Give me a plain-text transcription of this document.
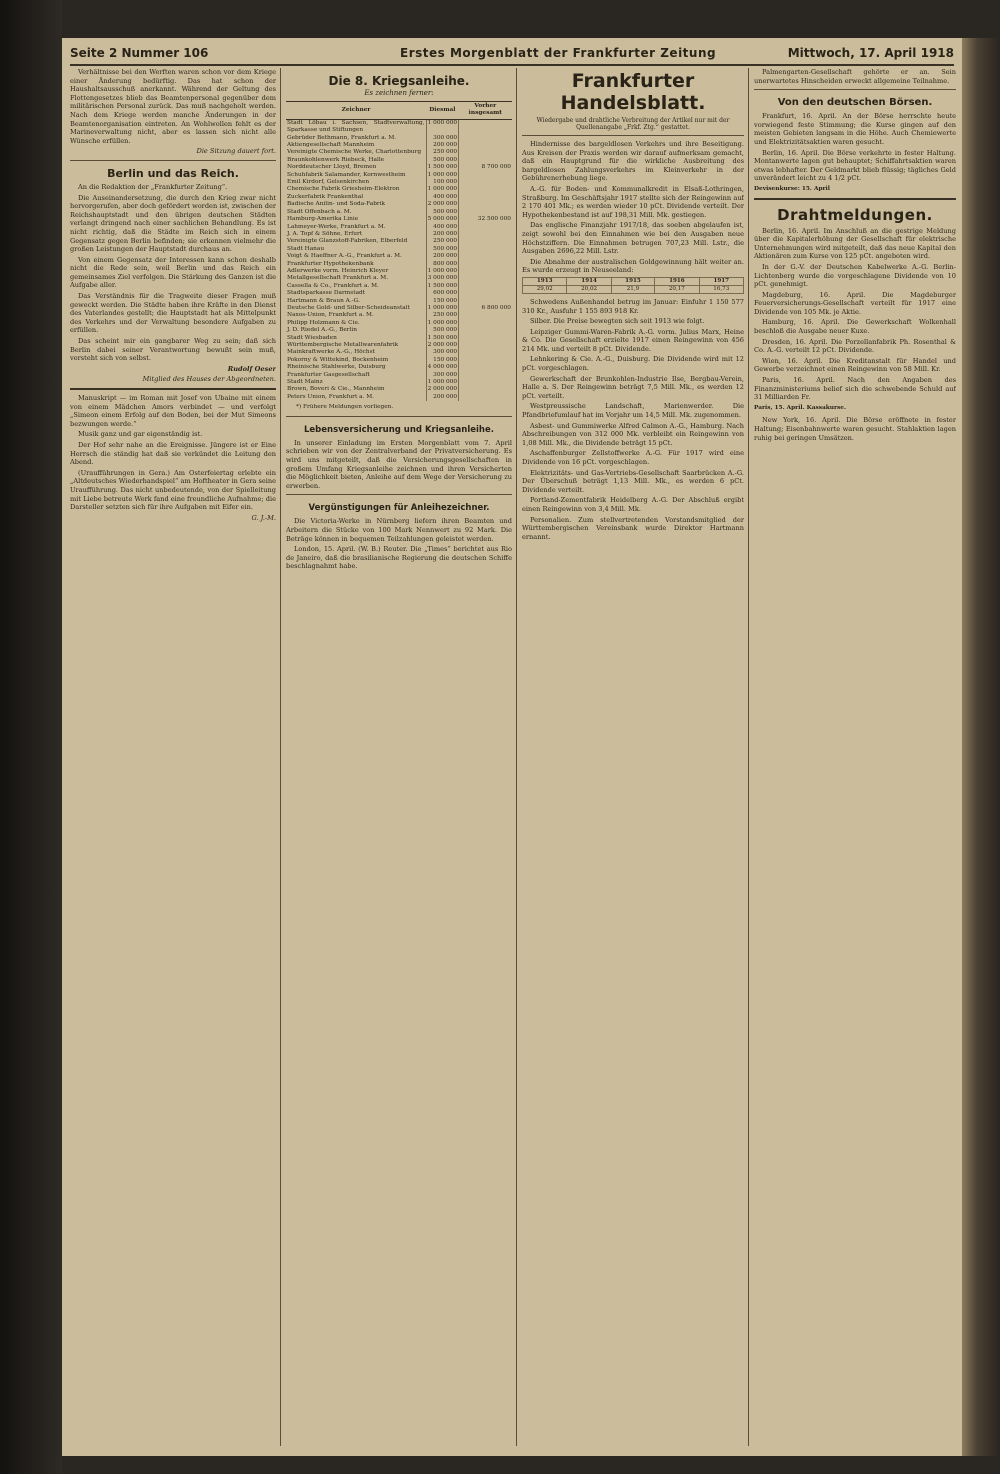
Seite 2 Nummer 106	Erstes Morgenblatt der Frankfurter Zeitung	Mittwoch, 17. April 1918

Verhältnisse bei den Werften waren schon vor dem Kriege einer Änderung bedürftig. Das hat schon der Haushaltsausschuß anerkannt. Während der Geltung des Flottengesetzes blieb das Beamtenpersonal gegenüber dem militärischen Personal zurück. Das muß nachgeholt werden. Nach dem Kriege werden manche Änderungen in der Beamtenorganisation eintreten. An Wohlwollen fehlt es der Marineverwaltung nicht, aber es lassen sich nicht alle Wünsche erfüllen.

Die Sitzung dauert fort.

Berlin und das Reich.

An die Redaktion der „Frankfurter Zeitung“.

Die Auseinandersetzung, die durch den Krieg zwar nicht hervorgerufen, aber doch gefördert worden ist, zwischen der Reichshauptstadt und den übrigen deutschen Städten verlangt dringend nach einer sachlichen Behandlung. Es ist nicht richtig, daß die Städte im Reich sich in einem Gegensatz gegen Berlin befinden; sie erkennen vielmehr die großen Leistungen der Hauptstadt durchaus an.

Von einem Gegensatz der Interessen kann schon deshalb nicht die Rede sein, weil Berlin und das Reich ein gemeinsames Ziel verfolgen. Die Stärkung des Ganzen ist die Aufgabe aller.

Das Verständnis für die Tragweite dieser Fragen muß geweckt werden. Die Städte haben ihre Kräfte in den Dienst des Vaterlandes gestellt; die Hauptstadt hat als Mittelpunkt des Verkehrs und der Verwaltung besondere Aufgaben zu erfüllen.

Das scheint mir ein gangbarer Weg zu sein; daß sich Berlin dabei seiner Verantwortung bewußt sein muß, versteht sich von selbst.

Rudolf Oeser
Mitglied des Hauses der Abgeordneten.

Manuskript — im Roman mit Josef von Ubaine mit einem von einem Mädchen Amors verbindet — und verfolgt „Simeon einem Erfolg auf den Boden, bei der Mut Simeons bezwungen werde.“

Musik ganz und gar eigenständig ist.

Der Hof sehr nahe an die Ereignisse. Jüngere ist er Eine Herrsch die ständig hat daß sie verkündet die Leitung den Abend.

(Uraufführungen in Gera.) Am Osterfeiertag erlebte ein „Altdeutsches Wiederhandspiel“ am Hoftheater in Gera seine Uraufführung. Das nicht unbedeutende, von der Spielleitung mit Liebe betreute Werk fand eine freundliche Aufnahme; die Darsteller setzten sich für ihre Aufgaben mit Eifer ein.

G. J.-M.
Die 8. Kriegsanleihe.
Es zeichnen ferner:
Zeichner	Diesmal	Vorher insgesamt
Stadt Löbau i. Sachsen, Stadtverwaltung, Sparkasse und Stiftungen	1 000 000	
Gebrüder Bethmann, Frankfurt a. M.	300 000	
Aktiengesellschaft Mannheim	200 000	
Vereinigte Chemische Werke, Charlottenburg	250 000	
Braunkohlenwerk Riebeck, Halle	500 000	
Norddeutscher Lloyd, Bremen	1 500 000	8 700 000
Schuhfabrik Salamander, Kornwestheim	1 000 000	
Emil Kirdorf, Gelsenkirchen	100 000	
Chemische Fabrik Griesheim-Elektron	1 000 000	
Zuckerfabrik Frankenthal	400 000	
Badische Anilin- und Soda-Fabrik	2 000 000	
Stadt Offenbach a. M.	500 000	
Hamburg-Amerika Linie	5 000 000	32 500 000
Lahmeyer-Werke, Frankfurt a. M.	400 000	
J. A. Topf & Söhne, Erfurt	200 000	
Vereinigte Glanzstoff-Fabriken, Elberfeld	250 000	
Stadt Hanau	500 000	
Voigt & Haeffner A.-G., Frankfurt a. M.	200 000	
Frankfurter Hypothekenbank	800 000	
Adlerwerke vorm. Heinrich Kleyer	1 000 000	
Metallgesellschaft Frankfurt a. M.	3 000 000	
Cassella & Co., Frankfurt a. M.	1 500 000	
Stadtsparkasse Darmstadt	600 000	
Hartmann & Braun A.-G.	150 000	
Deutsche Gold- und Silber-Scheideanstalt	1 000 000	6 800 000
Naxos-Union, Frankfurt a. M.	250 000	
Philipp Holzmann & Cie.	1 000 000	
J. D. Riedel A.-G., Berlin	500 000	
Stadt Wiesbaden	1 500 000	
Württembergische Metallwarenfabrik	2 000 000	
Mainkraftwerke A.-G., Höchst	300 000	
Pokorny & Wittekind, Bockenheim	150 000	
Rheinische Stahlwerke, Duisburg	4 000 000	
Frankfurter Gasgesellschaft	300 000	
Stadt Mainz	1 000 000	
Brown, Boveri & Cie., Mannheim	2 000 000	
Peters Union, Frankfurt a. M.	200 000	
*) Frühere Meldungen vorliegen.
Lebensversicherung und Kriegsanleihe.

In unserer Einladung im Ersten Morgenblatt vom 7. April schrieben wir von der Zentralverband der Privatversicherung. Es wird uns mitgeteilt, daß die Versicherungsgesellschaften in großem Umfang Kriegsanleihe zeichnen und ihren Versicherten die Möglichkeit bieten, Anleihe auf dem Wege der Versicherung zu erwerben.

Vergünstigungen für Anleihezeichner.

Die Victoria-Werke in Nürnberg liefern ihren Beamten und Arbeitern die Stücke von 100 Mark Nennwert zu 92 Mark. Die Beträge können in bequemen Teilzahlungen geleistet werden.

London, 15. April. (W. B.) Reuter. Die „Times“ berichtet aus Rio de Janeiro, daß die brasilianische Regierung die deutschen Schiffe beschlagnahmt habe.

Frankfurter Handelsblatt.
Wiedergabe und drahtliche Verbreitung der Artikel nur mit der Quellenangabe „Frkf. Ztg.“ gestattet.

Hindernisse des bargeldlosen Verkehrs und ihre Beseitigung. Aus Kreisen der Praxis werden wir darauf aufmerksam gemacht, daß ein Hauptgrund für die wirkliche Ausbreitung des bargeldlosen Zahlungsverkehrs im Kleinverkehr in der Gebührenerhebung liege.

A.-G. für Boden- und Kommunalkredit in Elsaß-Lothringen, Straßburg. Im Geschäftsjahr 1917 stellte sich der Reingewinn auf 2 170 401 Mk.; es werden wieder 10 pCt. Dividende verteilt. Der Hypothekenbestand ist auf 198,31 Mill. Mk. gestiegen.

Das englische Finanzjahr 1917/18, das soeben abgelaufen ist, zeigt sowohl bei den Einnahmen wie bei den Ausgaben neue Höchstziffern. Die Einnahmen betrugen 707,23 Mill. Lstr., die Ausgaben 2696,22 Mill. Lstr.

Die Abnahme der australischen Goldgewinnung hält weiter an. Es wurde erzeugt in Neuseeland:

1913	1914	1915	1916	1917
29,02	20,02	21,9	20,17	16,73

Schwedens Außenhandel betrug im Januar: Einfuhr 1 150 577 310 Kr., Ausfuhr 1 155 893 918 Kr.

Silber. Die Preise bewegten sich seit 1913 wie folgt.

Leipziger Gummi-Waren-Fabrik A.-G. vorm. Julius Marx, Heine & Co. Die Gesellschaft erzielte 1917 einen Reingewinn von 456 214 Mk. und verteilt 8 pCt. Dividende.

Lehnkering & Cie. A.-G., Duisburg. Die Dividende wird mit 12 pCt. vorgeschlagen.

Gewerkschaft der Brunkohlen-Industrie Ilse, Bergbau-Verein, Halle a. S. Der Reingewinn beträgt 7,5 Mill. Mk., es werden 12 pCt. verteilt.

Westpreussische Landschaft, Marienwerder. Die Pfandbriefumlauf hat im Vorjahr um 14,5 Mill. Mk. zugenommen.

Asbest- und Gummiwerke Alfred Calmon A.-G., Hamburg. Nach Abschreibungen von 312 000 Mk. verbleibt ein Reingewinn von 1,08 Mill. Mk., die Dividende beträgt 15 pCt.

Aschaffenburger Zellstoffwerke A.-G. Für 1917 wird eine Dividende von 16 pCt. vorgeschlagen.

Elektrizitäts- und Gas-Vertriebs-Gesellschaft Saarbrücken A.-G. Der Überschuß beträgt 1,13 Mill. Mk., es werden 6 pCt. Dividende verteilt.

Portland-Zementfabrik Heidelberg A.-G. Der Abschluß ergibt einen Reingewinn von 3,4 Mill. Mk.

Personalien. Zum stellvertretenden Vorstandsmitglied der Württembergischen Vereinsbank wurde Direktor Hartmann ernannt.

Palmengarten-Gesellschaft gehörte er an. Sein unerwartetes Hinscheiden erweckt allgemeine Teilnahme.

Von den deutschen Börsen.

Frankfurt, 16. April. An der Börse herrschte heute vorwiegend feste Stimmung; die Kurse gingen auf den meisten Gebieten langsam in die Höhe. Auch Chemiewerte und Elektrizitätsaktien waren gesucht.

Berlin, 16. April. Die Börse verkehrte in fester Haltung. Montanwerte lagen gut behauptet; Schiffahrtsaktien waren etwas lebhafter. Der Geldmarkt blieb flüssig; tägliches Geld unverändert leicht zu 4 1/2 pCt.

Devisenkurse: 15. April
Drahtmeldungen.

Berlin, 16. April. Im Anschluß an die gestrige Meldung über die Kapitalerhöhung der Gesellschaft für elektrische Unternehmungen wird mitgeteilt, daß das neue Kapital den Aktionären zum Kurse von 125 pCt. angeboten wird.

In der G.-V. der Deutschen Kabelwerke A.-G. Berlin-Lichtenberg wurde die vorgeschlagene Dividende von 10 pCt. genehmigt.

Magdeburg, 16. April. Die Magdeburger Feuerversicherungs-Gesellschaft verteilt für 1917 eine Dividende von 105 Mk. je Aktie.

Hamburg, 16. April. Die Gewerkschaft Wolkenhall beschloß die Ausgabe neuer Kuxe.

Dresden, 16. April. Die Porzellanfabrik Ph. Rosenthal & Co. A.-G. verteilt 12 pCt. Dividende.

Wien, 16. April. Die Kreditanstalt für Handel und Gewerbe verzeichnet einen Reingewinn von 58 Mill. Kr.

Paris, 16. April. Nach den Angaben des Finanzministeriums belief sich die schwebende Schuld auf 31 Milliarden Fr.

Paris, 15. April. Kassakurse.

New York, 16. April. Die Börse eröffnete in fester Haltung; Eisenbahnwerte waren gesucht. Stahlaktien lagen ruhig bei geringen Umsätzen.
